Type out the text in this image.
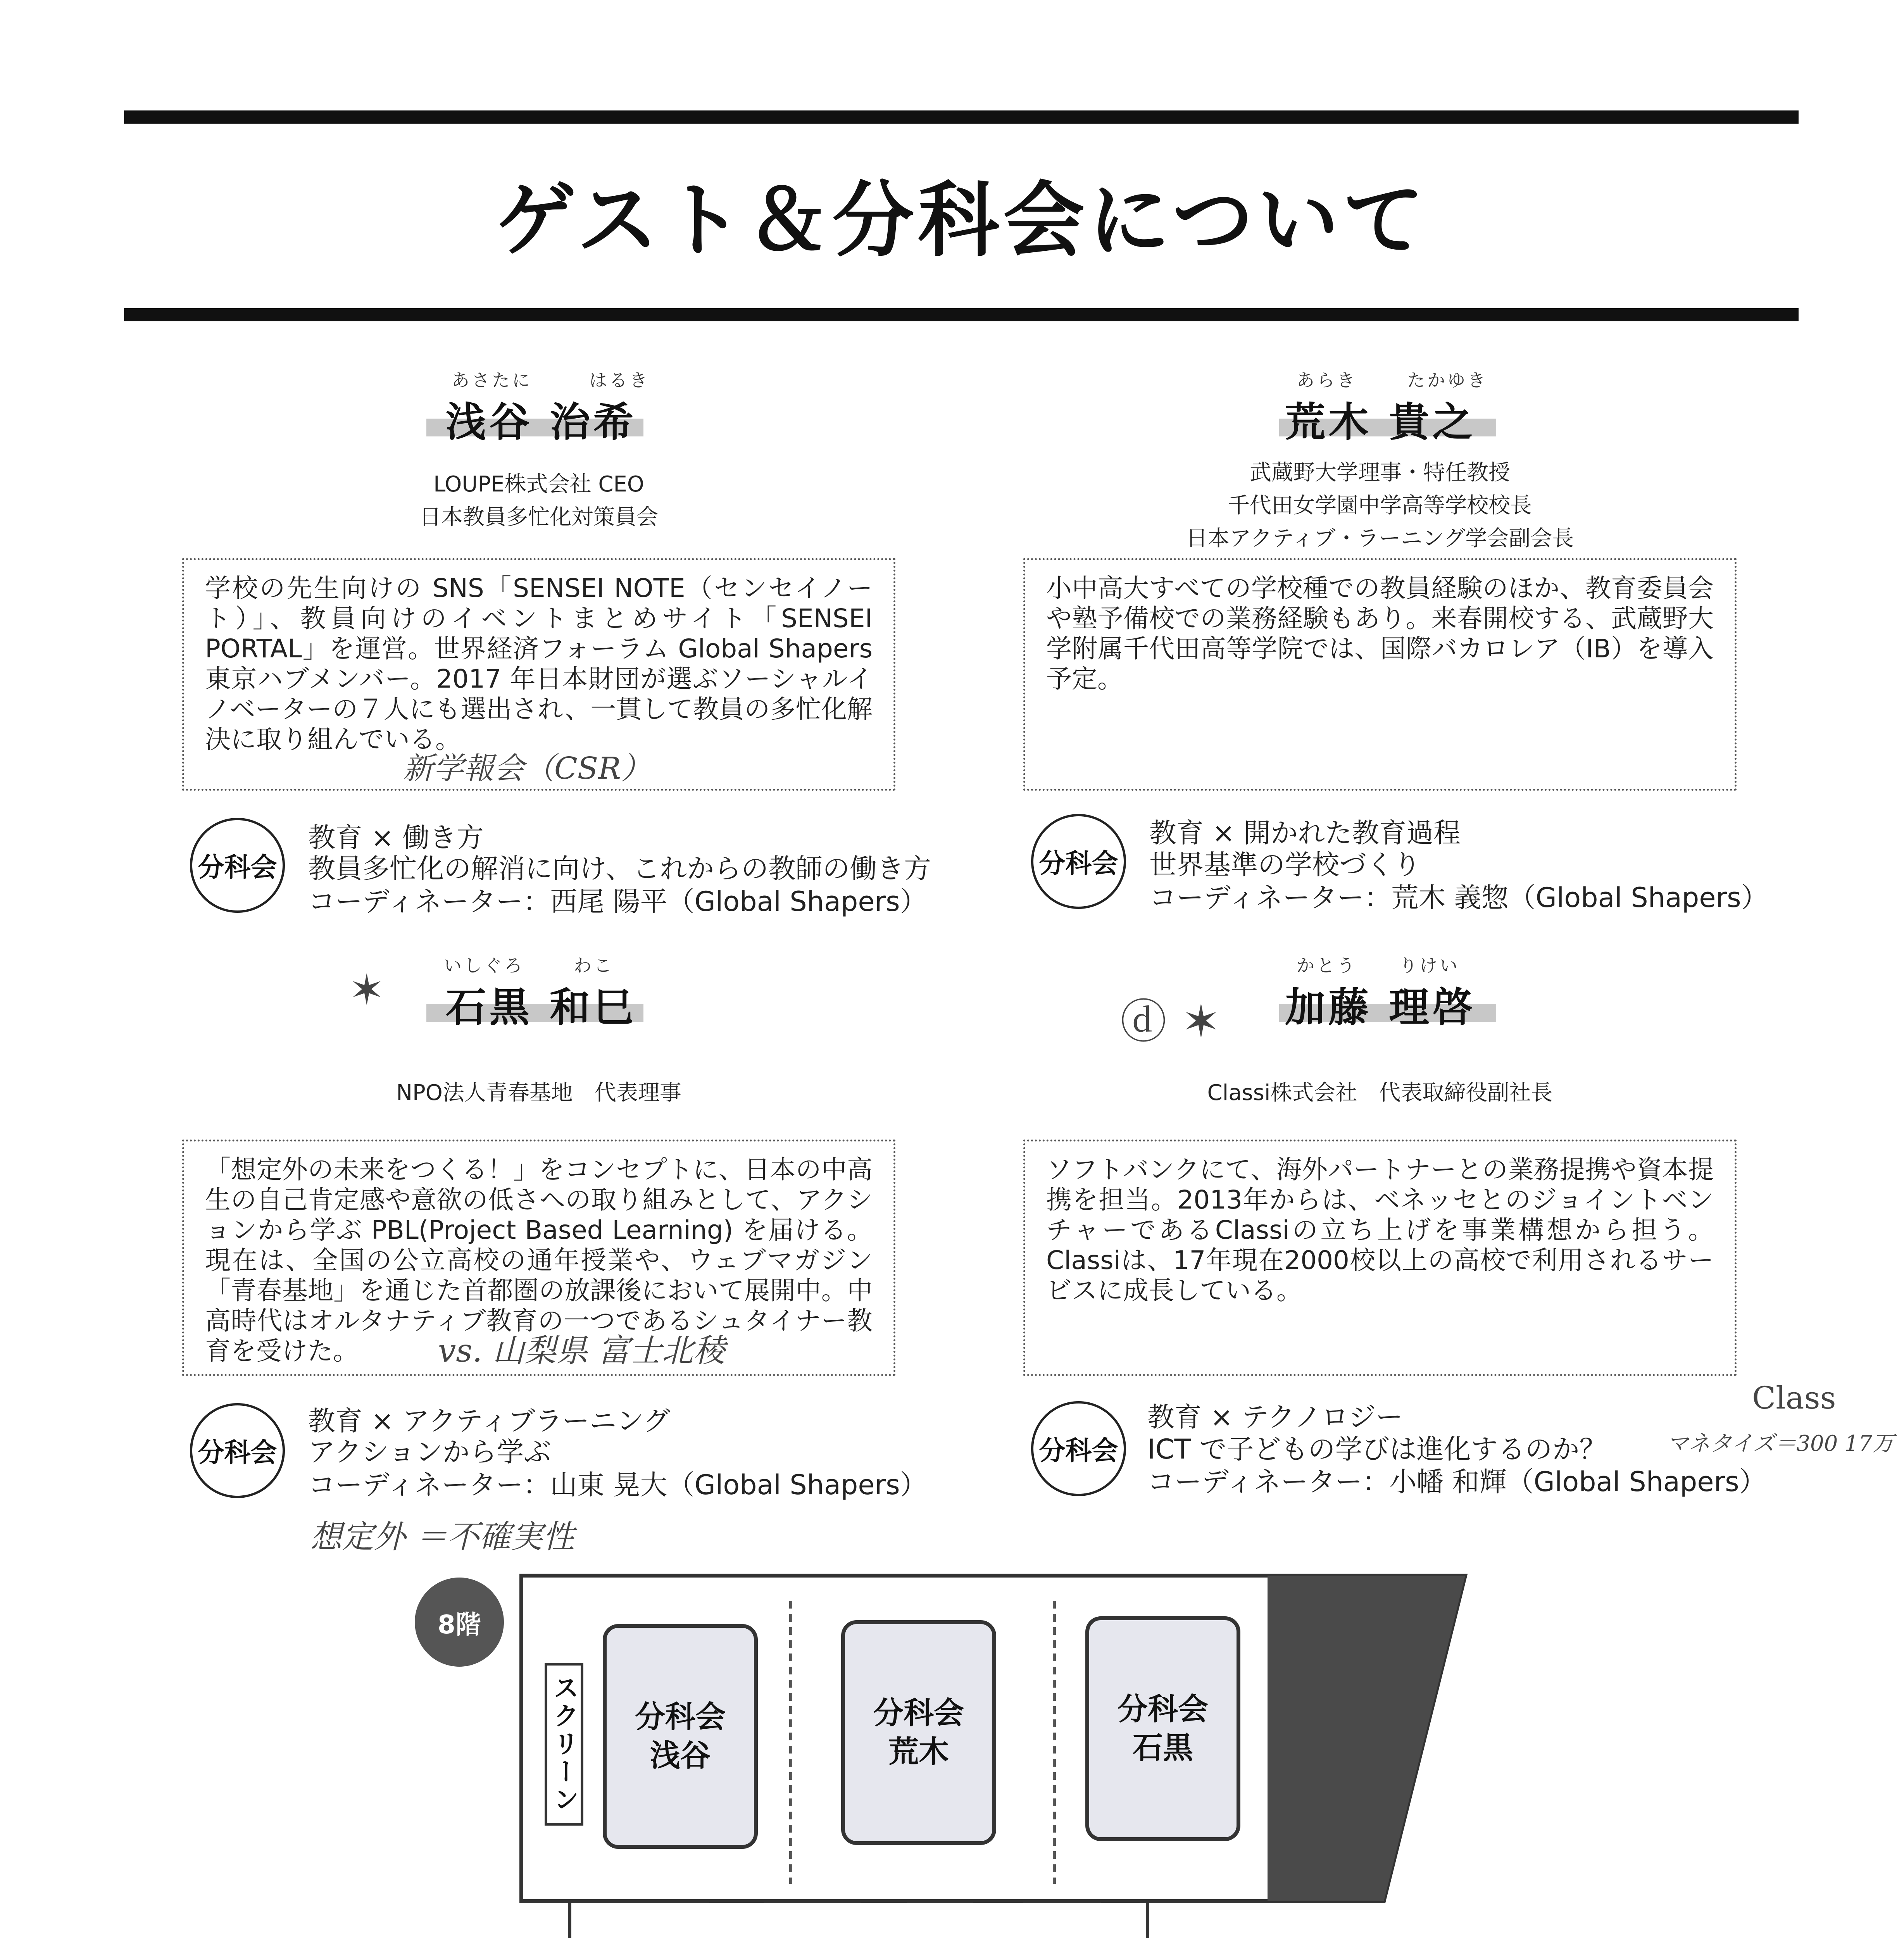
ゲスト＆分科会について
あさたに	はるき
浅谷 治希
LOUPE株式会社 CEO
日本教員多忙化対策員会
学校の先生向けの SNS「SENSEI NOTE（センセイノート）」、教員向けのイベントまとめサイト「SENSEI PORTAL」を運営。世界経済フォーラム Global Shapers 東京ハブメンバー。2017 年日本財団が選ぶソーシャルイノベーターの７人にも選出され、一貫して教員の多忙化解決に取り組んでいる。
新学報会（CSR）
分科会
教育 × 働き方
教員多忙化の解消に向け、これからの教師の働き方
コーディネーター：西尾 陽平（Global Shapers）
あらき	たかゆき
荒木 貴之
武蔵野大学理事・特任教授
千代田女学園中学高等学校校長
日本アクティブ・ラーニング学会副会長
小中高大すべての学校種での教員経験のほか、教育委員会や塾予備校での業務経験もあり。来春開校する、武蔵野大学附属千代田高等学院では、国際バカロレア（IB）を導入予定。
分科会
教育 × 開かれた教育過程
世界基準の学校づくり
コーディネーター：荒木 義惣（Global Shapers）
✶	いしぐろ	わこ
石黒 和巳
NPO法人青春基地　代表理事
「想定外の未来をつくる！」をコンセプトに、日本の中高生の自己肯定感や意欲の低さへの取り組みとして、アクションから学ぶ PBL(Project Based Learning) を届ける。現在は、全国の公立高校の通年授業や、ウェブマガジン「青春基地」を通じた首都圏の放課後において展開中。中高時代はオルタナティブ教育の一つであるシュタイナー教育を受けた。	vs. 山梨県 富士北稜
分科会
教育 × アクティブラーニング
アクションから学ぶ
コーディネーター：山東 晃大（Global Shapers）
想定外 ＝不確実性
ⓓ ✶
かとう りけい
加藤 理啓
Classi株式会社　代表取締役副社長
ソフトバンクにて、海外パートナーとの業務提携や資本提携を担当。2013年からは、ベネッセとのジョイントベンチャーであるClassiの立ち上げを事業構想から担う。Classiは、17年現在2000校以上の高校で利用されるサービスに成長している。
Class
マネタイズ＝300 17万
分科会
教育 × テクノロジー
ICT で子どもの学びは進化するのか？
コーディネーター：小幡 和輝（Global Shapers）
8階
スクリーン 分科会
浅谷
分科会
荒木
分科会
石黒
